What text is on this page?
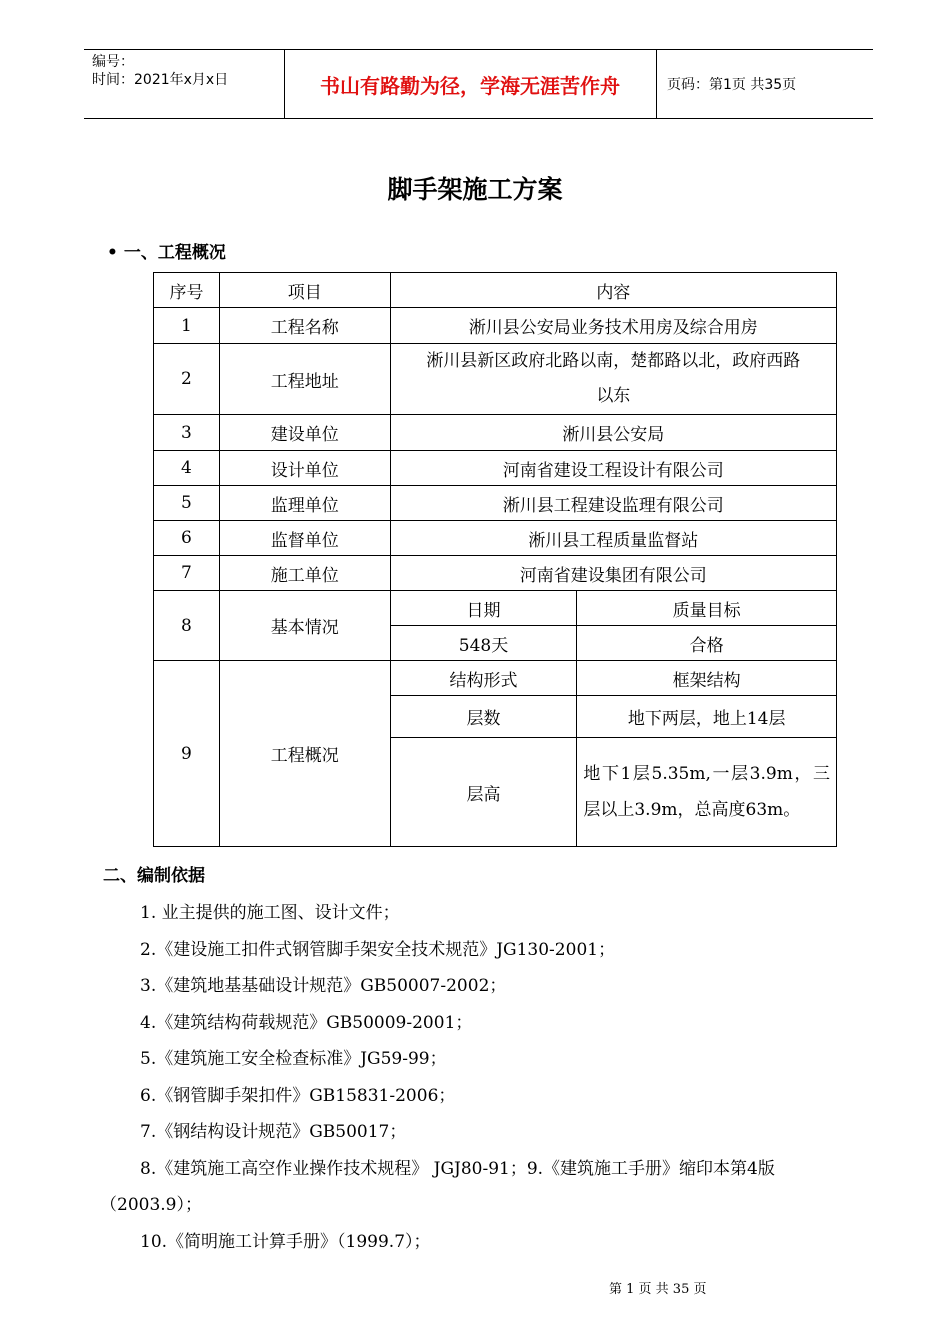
编号：
时间：2021年x月x日	书山有路勤为径，学海无涯苦作舟	页码：第1页 共35页
脚手架施工方案
• 一、工程概况
序号	项目	内容	
1	工程名称	淅川县公安局业务技术用房及综合用房	
2	工程地址	淅川县新区政府北路以南，楚都路以北，政府西路
以东	

3	建设单位	淅川县公安局	
4	设计单位	河南省建设工程设计有限公司	
5	监理单位	淅川县工程建设监理有限公司	
6	监督单位	淅川县工程质量监督站	
7	施工单位	河南省建设集团有限公司	
8	基本情况	日期	质量目标
		548天	合格
9	工程概况	结构形式	框架结构
		层数	地下两层，地上14层
		层高	地下1层5.35m,一层3.9m，三层以上3.9m，总高度63m。
二、编制依据
1. 业主提供的施工图、设计文件；
2.《建设施工扣件式钢管脚手架安全技术规范》JG130-2001；
3.《建筑地基基础设计规范》GB50007-2002；
4.《建筑结构荷载规范》GB50009-2001；
5.《建筑施工安全检查标准》JG59-99；
6.《钢管脚手架扣件》GB15831-2006；
7.《钢结构设计规范》GB50017；
8.《建筑施工高空作业操作技术规程》 JGJ80-91；9.《建筑施工手册》缩印本第4版（2003.9）；
10.《简明施工计算手册》（1999.7）；
第 1 页 共 35 页
